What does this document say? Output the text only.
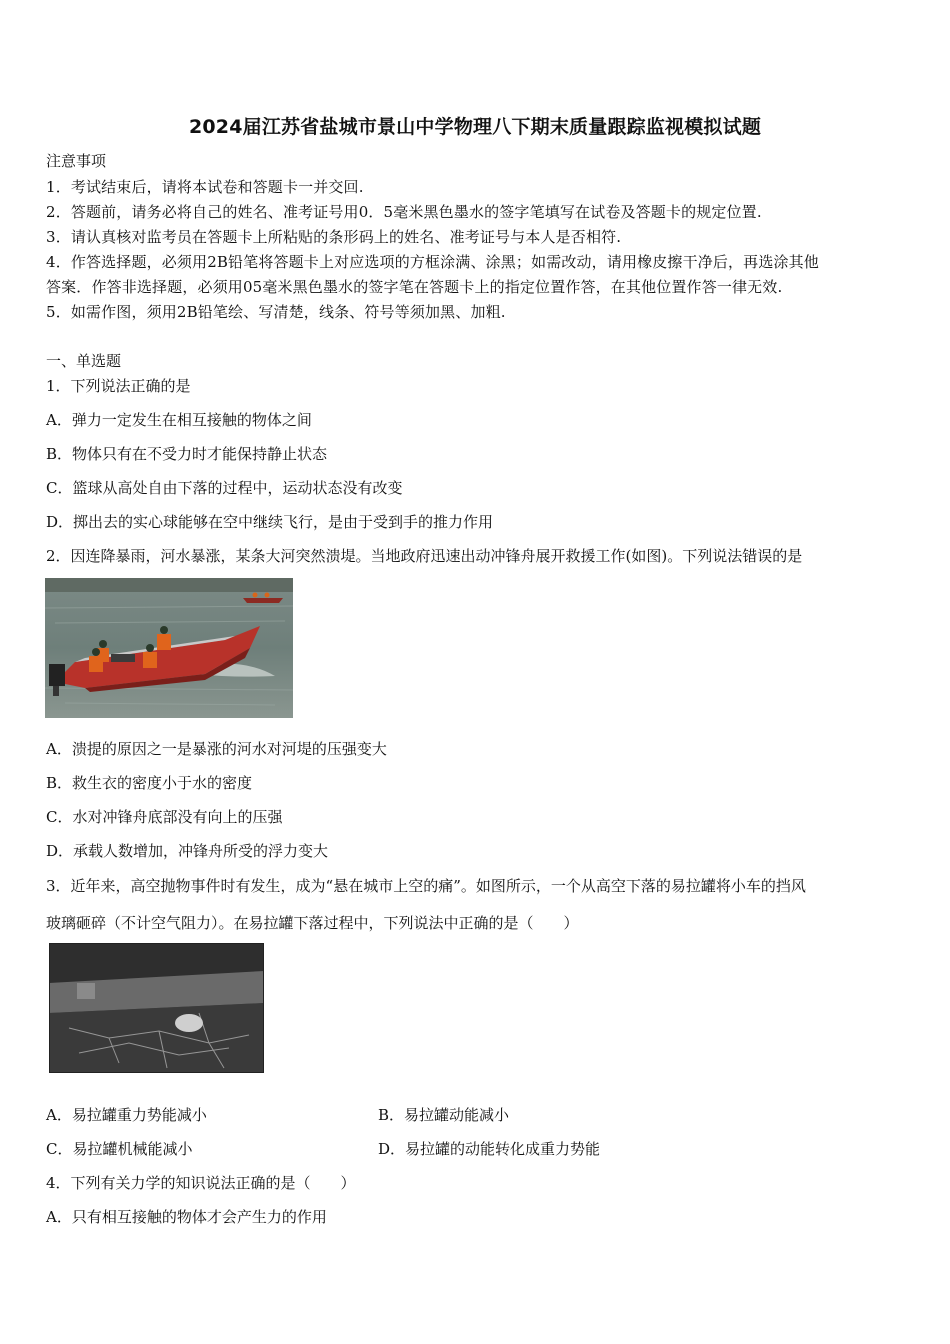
2024届江苏省盐城市景山中学物理八下期末质量跟踪监视模拟试题
注意事项
1．考试结束后，请将本试卷和答题卡一并交回.
2．答题前，请务必将自己的姓名、准考证号用0．5毫米黑色墨水的签字笔填写在试卷及答题卡的规定位置.
3．请认真核对监考员在答题卡上所粘贴的条形码上的姓名、准考证号与本人是否相符.
4．作答选择题，必须用2B铅笔将答题卡上对应选项的方框涂满、涂黑；如需改动，请用橡皮擦干净后，再选涂其他
答案．作答非选择题，必须用05毫米黑色墨水的签字笔在答题卡上的指定位置作答，在其他位置作答一律无效.
5．如需作图，须用2B铅笔绘、写清楚，线条、符号等须加黑、加粗.
一、单选题
1．下列说法正确的是
A．弹力一定发生在相互接触的物体之间
B．物体只有在不受力时才能保持静止状态
C．篮球从高处自由下落的过程中，运动状态没有改变
D．掷出去的实心球能够在空中继续飞行，是由于受到手的推力作用
2．因连降暴雨，河水暴涨，某条大河突然溃堤。当地政府迅速出动冲锋舟展开救援工作(如图)。下列说法错误的是
A．溃提的原因之一是暴涨的河水对河堤的压强变大
B．救生衣的密度小于水的密度
C．水对冲锋舟底部没有向上的压强
D．承载人数增加，冲锋舟所受的浮力变大
3．近年来，高空抛物事件时有发生，成为“悬在城市上空的痛”。如图所示，一个从高空下落的易拉罐将小车的挡风
玻璃砸碎（不计空气阻力）。在易拉罐下落过程中，下列说法中正确的是（　　）
A．易拉罐重力势能减小	B．易拉罐动能减小
C．易拉罐机械能减小	D．易拉罐的动能转化成重力势能
4．下列有关力学的知识说法正确的是（　　）
A．只有相互接触的物体才会产生力的作用
